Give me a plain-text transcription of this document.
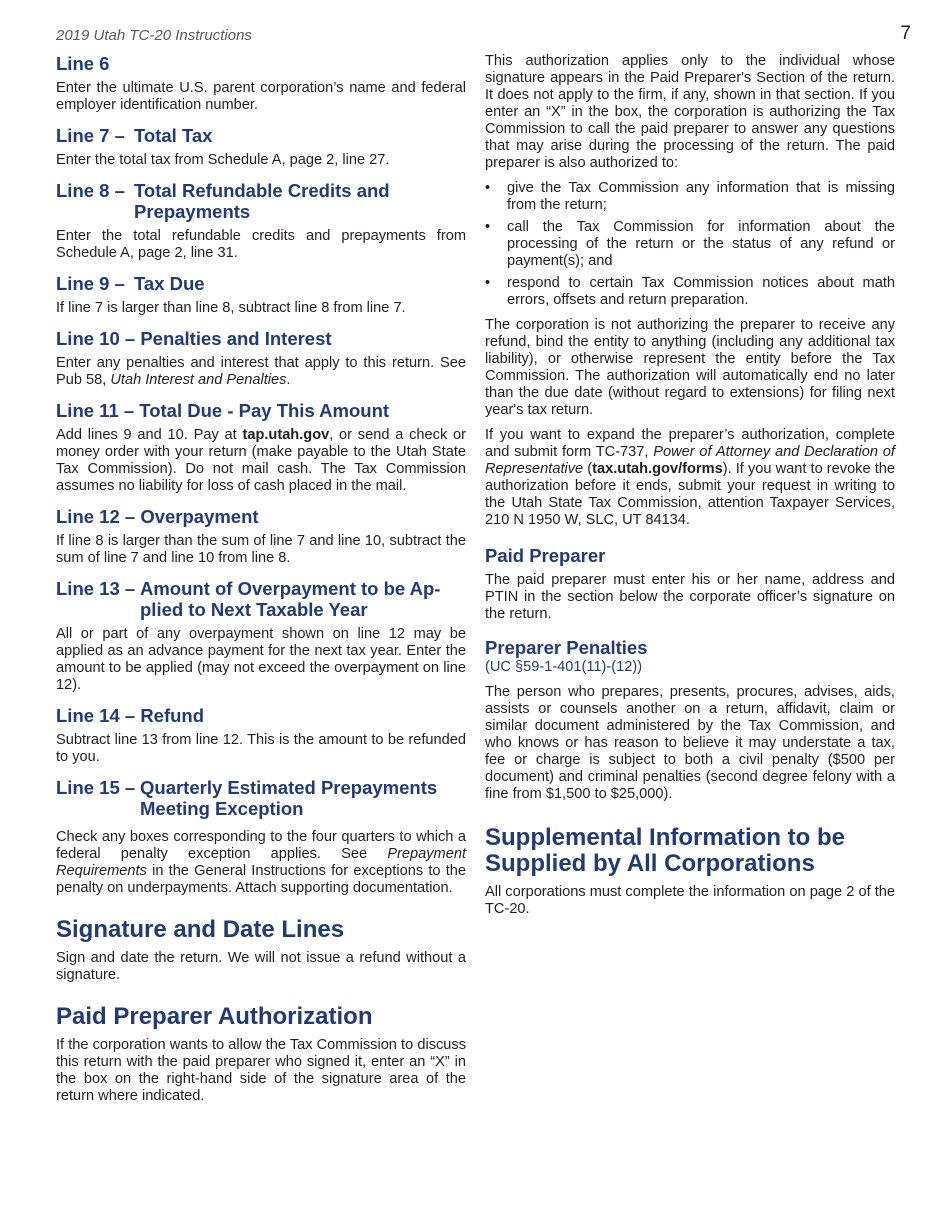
2019 Utah TC-20 Instructions	7
Line 6

Enter the ultimate U.S. parent corporation’s name and federal employer identification number.

Line 7 – Total Tax

Enter the total tax from Schedule A, page 2, line 27.

Line 8 – Total Refundable Credits and
Prepayments

Enter the total refundable credits and prepayments from Schedule A, page 2, line 31.

Line 9 – Tax Due

If line 7 is larger than line 8, subtract line 8 from line 7.

Line 10 – Penalties and Interest

Enter any penalties and interest that apply to this return. See Pub 58, Utah Interest and Penalties.

Line 11 – Total Due - Pay This Amount

Add lines 9 and 10. Pay at tap.utah.gov, or send a check or money order with your return (make payable to the Utah State Tax Commission). Do not mail cash. The Tax Commission assumes no liability for loss of cash placed in the mail.

Line 12 – Overpayment

If line 8 is larger than the sum of line 7 and line 10, subtract the sum of line 7 and line 10 from line 8.

Line 13 – Amount of Overpayment to be Ap-
plied to Next Taxable Year

All or part of any overpayment shown on line 12 may be applied as an advance payment for the next tax year. Enter the amount to be applied (may not exceed the overpayment on line 12).

Line 14 – Refund

Subtract line 13 from line 12. This is the amount to be refunded to you.

Line 15 – Quarterly Estimated Prepayments
Meeting Exception

Check any boxes corresponding to the four quarters to which a federal penalty exception applies. See Prepayment Requirements in the General Instructions for exceptions to the penalty on underpayments. Attach supporting documentation.

Signature and Date Lines

Sign and date the return. We will not issue a refund without a signature.

Paid Preparer Authorization

If the corporation wants to allow the Tax Commission to discuss this return with the paid preparer who signed it, enter an “X” in the box on the right-hand side of the signature area of the return where indicated.

This authorization applies only to the individual whose signature appears in the Paid Preparer's Section of the return. It does not apply to the firm, if any, shown in that section. If you enter an “X” in the box, the corporation is authorizing the Tax Commission to call the paid preparer to answer any questions that may arise during the processing of the return. The paid preparer is also authorized to:

• give the Tax Commission any information that is missing from the return;
• call the Tax Commission for information about the processing of the return or the status of any refund or payment(s); and
• respond to certain Tax Commission notices about math errors, offsets and return preparation.

The corporation is not authorizing the preparer to receive any refund, bind the entity to anything (including any additional tax liability), or otherwise represent the entity before the Tax Commission. The authorization will automatically end no later than the due date (without regard to extensions) for filing next year's tax return.

If you want to expand the preparer’s authorization, complete and submit form TC-737, Power of Attorney and Declaration of Representative (tax.utah.gov/forms). If you want to revoke the authorization before it ends, submit your request in writing to the Utah State Tax Commission, attention Taxpayer Services, 210 N 1950 W, SLC, UT 84134.

Paid Preparer

The paid preparer must enter his or her name, address and PTIN in the section below the corporate officer’s signature on the return.

Preparer Penalties
(UC §59-1-401(11)-(12))

The person who prepares, presents, procures, advises, aids, assists or counsels another on a return, affidavit, claim or similar document administered by the Tax Commission, and who knows or has reason to believe it may understate a tax, fee or charge is subject to both a civil penalty ($500 per document) and criminal penalties (second degree felony with a fine from $1,500 to $25,000).

Supplemental Information to be
Supplied by All Corporations

All corporations must complete the information on page 2 of the TC-20.
